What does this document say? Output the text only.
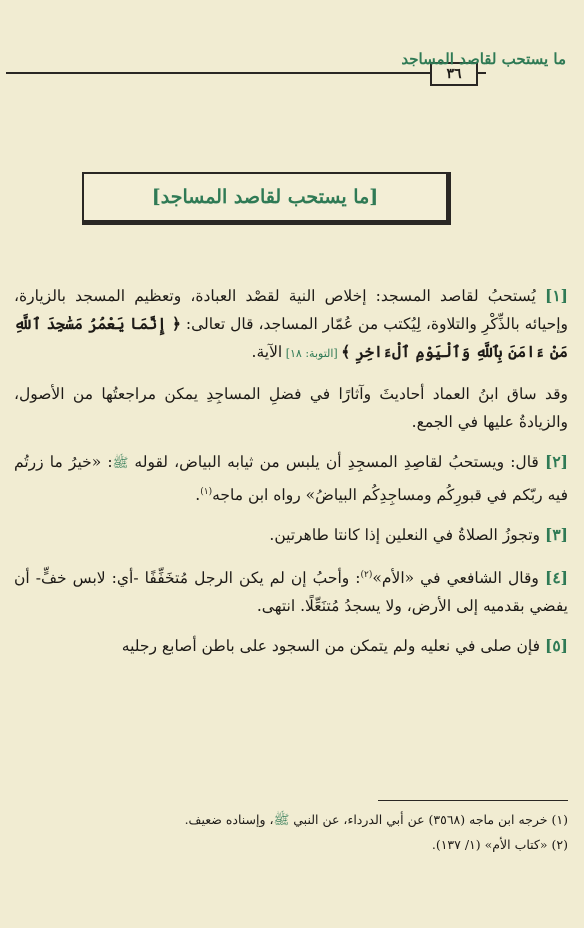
٣٦
ما يستحب لقاصد المساجد
[ما يستحب لقاصد المساجد]

[١] يُستحبُ لقاصد المسجد: إخلاص النية لقصْد العبادة، وتعظيم المسجد بالزيارة، وإحيائه بالذِّكْرِ والتلاوة، لِيُكتب من عُمّار المساجد، قال تعالى: ﴿ إِنَّمَا يَعْمُرُ مَسَٰجِدَ ٱللَّهِ مَنْ ءَامَنَ بِٱللَّهِ وَٱلْيَوْمِ ٱلْءَاخِرِ ﴾ [التوبة: ١٨] الآية.

وقد ساق ابنُ العماد أحاديثَ وآثارًا في فضلِ المساجِدِ يمكن مراجعتُها من الأصول، والزيادةُ عليها في الجمع.

[٢] قال: ويستحبُ لقاصِدِ المسجِدِ أن يلبس من ثيابه البياض، لقوله ﷺ: «خيرُ ما زرتُم فيه ربّكم في قبورِكُم ومساجِدِكُم البياضُ» رواه ابن ماجه$^{(١)}$.

[٣] وتجوزُ الصلاةُ في النعلين إذا كانتا طاهرتين.

[٤] وقال الشافعي في «الأم»$^{(٢)}$: وأحبُ إن لم يكن الرجل مُتخَفِّفًا -أي: لابس خفٍّ- أن يفضي بقدميه إلى الأرض، ولا يسجدُ مُتنَعِّلًا. انتهى.

[٥] فإن صلى في نعليه ولم يتمكن من السجود على باطن أصابع رجليه

(١) خرجه ابن ماجه (٣٥٦٨) عن أبي الدرداء، عن النبي ﷺ، وإسناده ضعيف.

(٢) «كتاب الأم» (١/ ١٣٧).
